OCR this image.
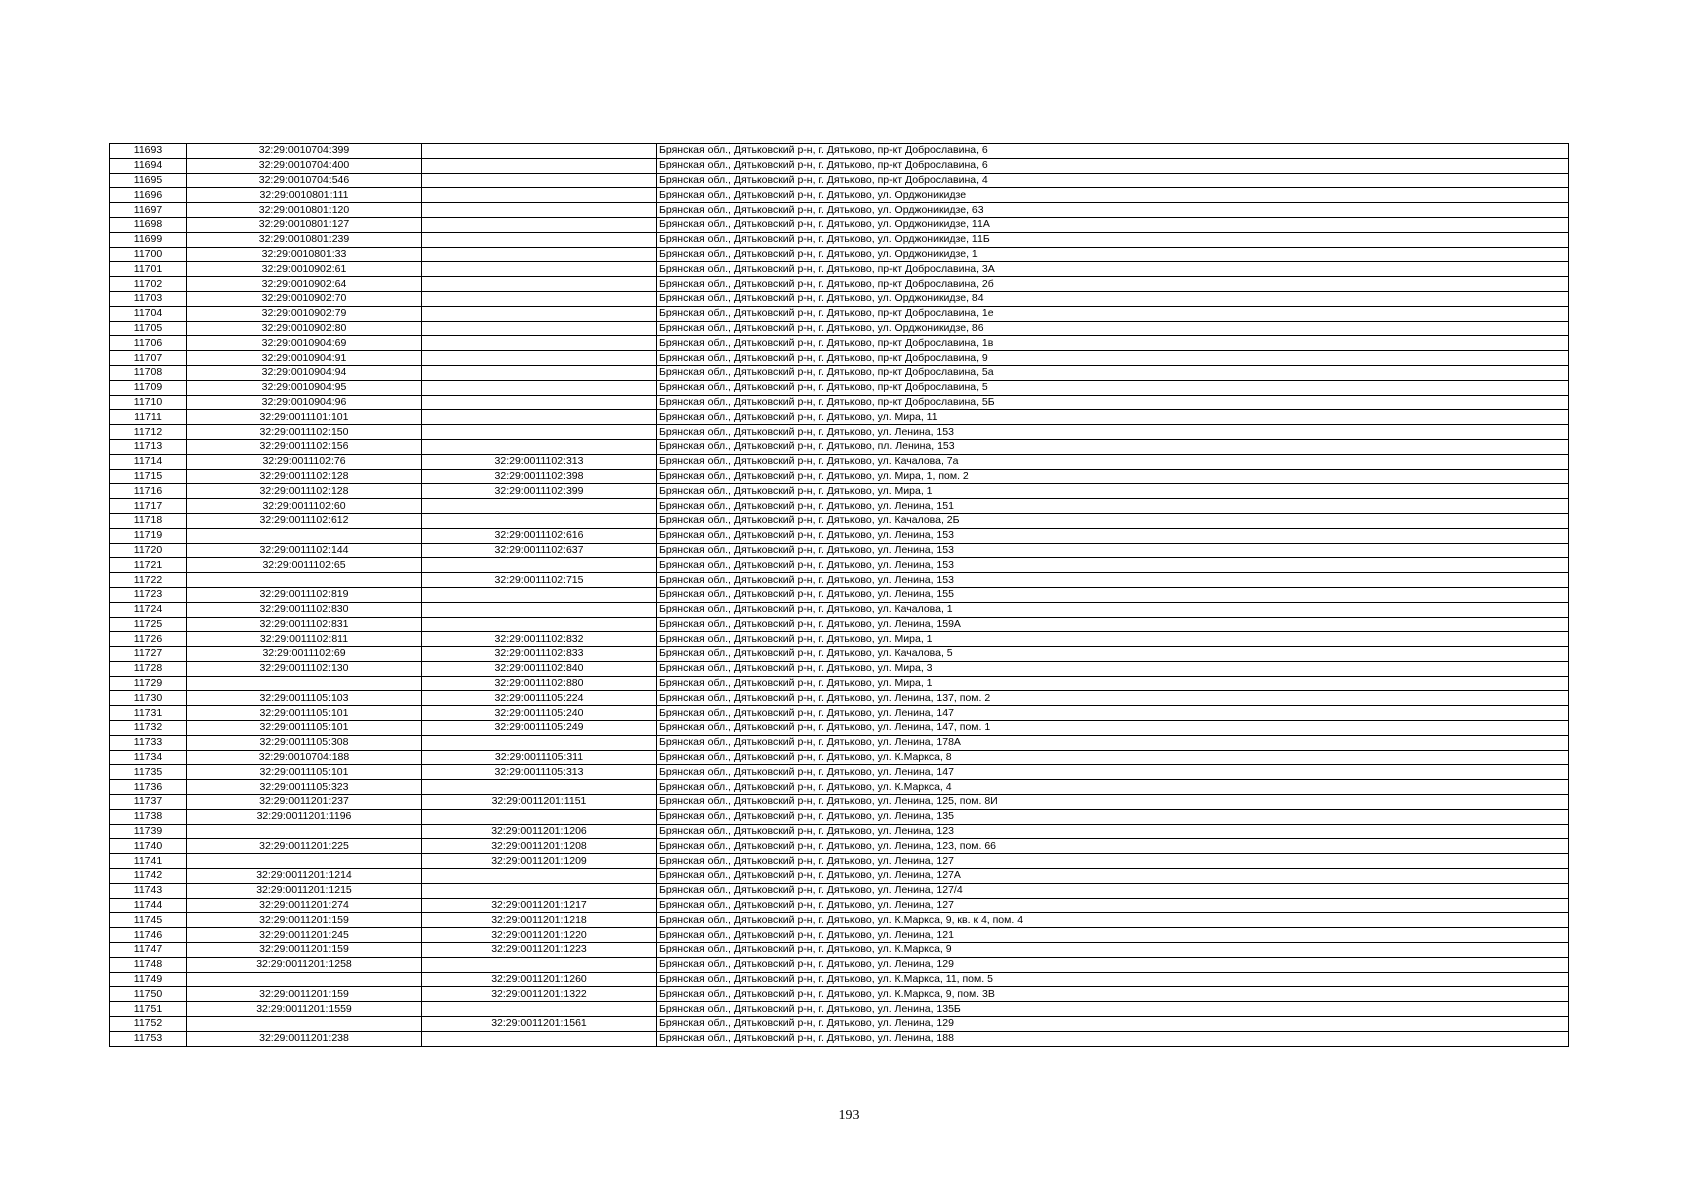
11693	32:29:0010704:399		Брянская обл., Дятьковский р-н, г. Дятьково, пр-кт Доброславина, 6
11694	32:29:0010704:400		Брянская обл., Дятьковский р-н, г. Дятьково, пр-кт Доброславина, 6
11695	32:29:0010704:546		Брянская обл., Дятьковский р-н, г. Дятьково, пр-кт Доброславина, 4
11696	32:29:0010801:111		Брянская обл., Дятьковский р-н, г. Дятьково, ул. Орджоникидзе
11697	32:29:0010801:120		Брянская обл., Дятьковский р-н, г. Дятьково, ул. Орджоникидзе, 63
11698	32:29:0010801:127		Брянская обл., Дятьковский р-н, г. Дятьково, ул. Орджоникидзе, 11А
11699	32:29:0010801:239		Брянская обл., Дятьковский р-н, г. Дятьково, ул. Орджоникидзе, 11Б
11700	32:29:0010801:33		Брянская обл., Дятьковский р-н, г. Дятьково, ул. Орджоникидзе, 1
11701	32:29:0010902:61		Брянская обл., Дятьковский р-н, г. Дятьково, пр-кт Доброславина, 3А
11702	32:29:0010902:64		Брянская обл., Дятьковский р-н, г. Дятьково, пр-кт Доброславина, 2б
11703	32:29:0010902:70		Брянская обл., Дятьковский р-н, г. Дятьково, ул. Орджоникидзе, 84
11704	32:29:0010902:79		Брянская обл., Дятьковский р-н, г. Дятьково, пр-кт Доброславина, 1е
11705	32:29:0010902:80		Брянская обл., Дятьковский р-н, г. Дятьково, ул. Орджоникидзе, 86
11706	32:29:0010904:69		Брянская обл., Дятьковский р-н, г. Дятьково, пр-кт Доброславина, 1в
11707	32:29:0010904:91		Брянская обл., Дятьковский р-н, г. Дятьково, пр-кт Доброславина, 9
11708	32:29:0010904:94		Брянская обл., Дятьковский р-н, г. Дятьково, пр-кт Доброславина, 5а
11709	32:29:0010904:95		Брянская обл., Дятьковский р-н, г. Дятьково, пр-кт Доброславина, 5
11710	32:29:0010904:96		Брянская обл., Дятьковский р-н, г. Дятьково, пр-кт Доброславина, 5Б
11711	32:29:0011101:101		Брянская обл., Дятьковский р-н, г. Дятьково, ул. Мира, 11
11712	32:29:0011102:150		Брянская обл., Дятьковский р-н, г. Дятьково, ул. Ленина, 153
11713	32:29:0011102:156		Брянская обл., Дятьковский р-н, г. Дятьково, пл. Ленина, 153
11714	32:29:0011102:76	32:29:0011102:313	Брянская обл., Дятьковский р-н, г. Дятьково, ул. Качалова, 7а
11715	32:29:0011102:128	32:29:0011102:398	Брянская обл., Дятьковский р-н, г. Дятьково, ул. Мира, 1, пом. 2
11716	32:29:0011102:128	32:29:0011102:399	Брянская обл., Дятьковский р-н, г. Дятьково, ул. Мира, 1
11717	32:29:0011102:60		Брянская обл., Дятьковский р-н, г. Дятьково, ул. Ленина, 151
11718	32:29:0011102:612		Брянская обл., Дятьковский р-н, г. Дятьково, ул. Качалова, 2Б
11719		32:29:0011102:616	Брянская обл., Дятьковский р-н, г. Дятьково, ул. Ленина, 153
11720	32:29:0011102:144	32:29:0011102:637	Брянская обл., Дятьковский р-н, г. Дятьково, ул. Ленина, 153
11721	32:29:0011102:65		Брянская обл., Дятьковский р-н, г. Дятьково, ул. Ленина, 153
11722		32:29:0011102:715	Брянская обл., Дятьковский р-н, г. Дятьково, ул. Ленина, 153
11723	32:29:0011102:819		Брянская обл., Дятьковский р-н, г. Дятьково, ул. Ленина, 155
11724	32:29:0011102:830		Брянская обл., Дятьковский р-н, г. Дятьково, ул. Качалова, 1
11725	32:29:0011102:831		Брянская обл., Дятьковский р-н, г. Дятьково, ул. Ленина, 159А
11726	32:29:0011102:811	32:29:0011102:832	Брянская обл., Дятьковский р-н, г. Дятьково, ул. Мира, 1
11727	32:29:0011102:69	32:29:0011102:833	Брянская обл., Дятьковский р-н, г. Дятьково, ул. Качалова, 5
11728	32:29:0011102:130	32:29:0011102:840	Брянская обл., Дятьковский р-н, г. Дятьково, ул. Мира, 3
11729		32:29:0011102:880	Брянская обл., Дятьковский р-н, г. Дятьково, ул. Мира, 1
11730	32:29:0011105:103	32:29:0011105:224	Брянская обл., Дятьковский р-н, г. Дятьково, ул. Ленина, 137, пом. 2
11731	32:29:0011105:101	32:29:0011105:240	Брянская обл., Дятьковский р-н, г. Дятьково, ул. Ленина, 147
11732	32:29:0011105:101	32:29:0011105:249	Брянская обл., Дятьковский р-н, г. Дятьково, ул. Ленина, 147, пом. 1
11733	32:29:0011105:308		Брянская обл., Дятьковский р-н, г. Дятьково, ул. Ленина, 178А
11734	32:29:0010704:188	32:29:0011105:311	Брянская обл., Дятьковский р-н, г. Дятьково, ул. К.Маркса, 8
11735	32:29:0011105:101	32:29:0011105:313	Брянская обл., Дятьковский р-н, г. Дятьково, ул. Ленина, 147
11736	32:29:0011105:323		Брянская обл., Дятьковский р-н, г. Дятьково, ул. К.Маркса, 4
11737	32:29:0011201:237	32:29:0011201:1151	Брянская обл., Дятьковский р-н, г. Дятьково, ул. Ленина, 125, пом. 8И
11738	32:29:0011201:1196		Брянская обл., Дятьковский р-н, г. Дятьково, ул. Ленина, 135
11739		32:29:0011201:1206	Брянская обл., Дятьковский р-н, г. Дятьково, ул. Ленина, 123
11740	32:29:0011201:225	32:29:0011201:1208	Брянская обл., Дятьковский р-н, г. Дятьково, ул. Ленина, 123, пом. 66
11741		32:29:0011201:1209	Брянская обл., Дятьковский р-н, г. Дятьково, ул. Ленина, 127
11742	32:29:0011201:1214		Брянская обл., Дятьковский р-н, г. Дятьково, ул. Ленина, 127А
11743	32:29:0011201:1215		Брянская обл., Дятьковский р-н, г. Дятьково, ул. Ленина, 127/4
11744	32:29:0011201:274	32:29:0011201:1217	Брянская обл., Дятьковский р-н, г. Дятьково, ул. Ленина, 127
11745	32:29:0011201:159	32:29:0011201:1218	Брянская обл., Дятьковский р-н, г. Дятьково, ул. К.Маркса, 9, кв. к 4, пом. 4
11746	32:29:0011201:245	32:29:0011201:1220	Брянская обл., Дятьковский р-н, г. Дятьково, ул. Ленина, 121
11747	32:29:0011201:159	32:29:0011201:1223	Брянская обл., Дятьковский р-н, г. Дятьково, ул. К.Маркса, 9
11748	32:29:0011201:1258		Брянская обл., Дятьковский р-н, г. Дятьково, ул. Ленина, 129
11749		32:29:0011201:1260	Брянская обл., Дятьковский р-н, г. Дятьково, ул. К.Маркса, 11, пом. 5
11750	32:29:0011201:159	32:29:0011201:1322	Брянская обл., Дятьковский р-н, г. Дятьково, ул. К.Маркса, 9, пом. 3В
11751	32:29:0011201:1559		Брянская обл., Дятьковский р-н, г. Дятьково, ул. Ленина, 135Б
11752		32:29:0011201:1561	Брянская обл., Дятьковский р-н, г. Дятьково, ул. Ленина, 129
11753	32:29:0011201:238		Брянская обл., Дятьковский р-н, г. Дятьково, ул. Ленина, 188
193
